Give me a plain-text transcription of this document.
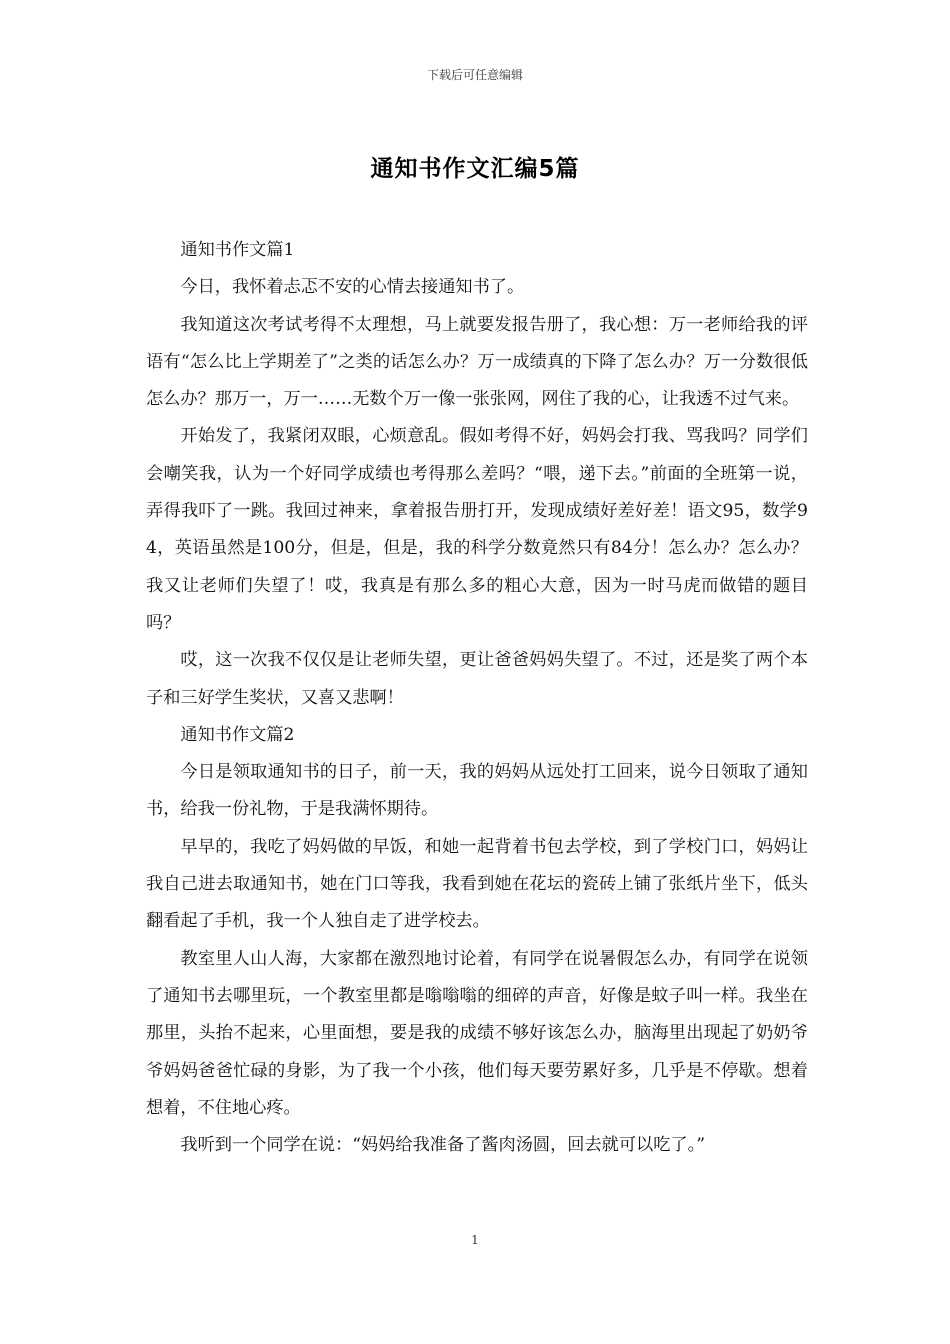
下载后可任意编辑
通知书作文汇编5篇

通知书作文篇1

今日，我怀着忐忑不安的心情去接通知书了。

我知道这次考试考得不太理想，马上就要发报告册了，我心想：万一老师给我的评语有“怎么比上学期差了”之类的话怎么办？万一成绩真的下降了怎么办？万一分数很低怎么办？那万一，万一……无数个万一像一张张网，网住了我的心，让我透不过气来。

开始发了，我紧闭双眼，心烦意乱。假如考得不好，妈妈会打我、骂我吗？同学们会嘲笑我，认为一个好同学成绩也考得那么差吗？“喂，递下去。”前面的全班第一说，弄得我吓了一跳。我回过神来，拿着报告册打开，发现成绩好差好差！语文95，数学94，英语虽然是100分，但是，但是，我的科学分数竟然只有84分！怎么办？怎么办？我又让老师们失望了！哎，我真是有那么多的粗心大意，因为一时马虎而做错的题目吗？

哎，这一次我不仅仅是让老师失望，更让爸爸妈妈失望了。不过，还是奖了两个本子和三好学生奖状，又喜又悲啊！

通知书作文篇2

今日是领取通知书的日子，前一天，我的妈妈从远处打工回来，说今日领取了通知书，给我一份礼物，于是我满怀期待。

早早的，我吃了妈妈做的早饭，和她一起背着书包去学校，到了学校门口，妈妈让我自己进去取通知书，她在门口等我，我看到她在花坛的瓷砖上铺了张纸片坐下，低头翻看起了手机，我一个人独自走了进学校去。

教室里人山人海，大家都在激烈地讨论着，有同学在说暑假怎么办，有同学在说领了通知书去哪里玩，一个教室里都是嗡嗡嗡的细碎的声音，好像是蚊子叫一样。我坐在那里，头抬不起来，心里面想，要是我的成绩不够好该怎么办，脑海里出现起了奶奶爷爷妈妈爸爸忙碌的身影，为了我一个小孩，他们每天要劳累好多，几乎是不停歇。想着想着，不住地心疼。

我听到一个同学在说：“妈妈给我准备了酱肉汤圆，回去就可以吃了。”

1
